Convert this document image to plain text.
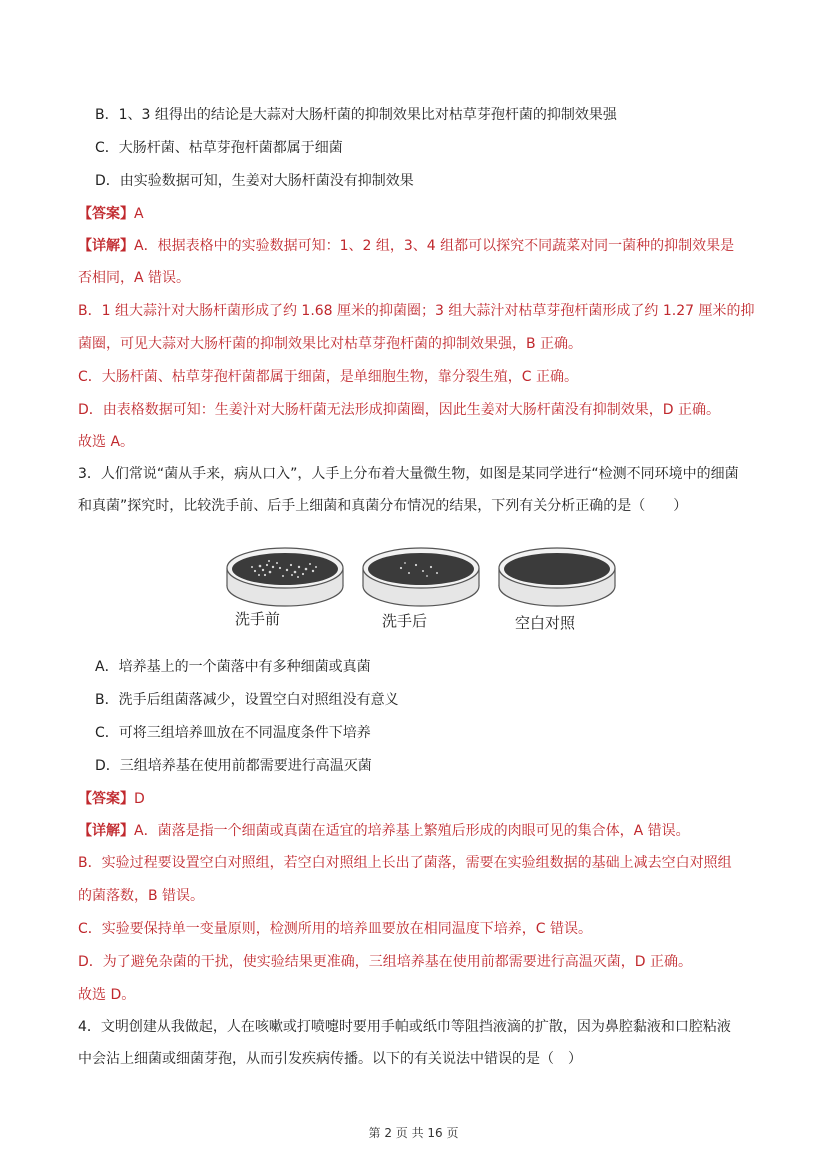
B．1、3 组得出的结论是大蒜对大肠杆菌的抑制效果比对枯草芽孢杆菌的抑制效果强
C．大肠杆菌、枯草芽孢杆菌都属于细菌
D．由实验数据可知，生姜对大肠杆菌没有抑制效果
【答案】A
【详解】A．根据表格中的实验数据可知：1、2 组，3、4 组都可以探究不同蔬菜对同一菌种的抑制效果是
否相同，A 错误。
B．1 组大蒜汁对大肠杆菌形成了约 1.68 厘米的抑菌圈；3 组大蒜汁对枯草芽孢杆菌形成了约 1.27 厘米的抑
菌圈，可见大蒜对大肠杆菌的抑制效果比对枯草芽孢杆菌的抑制效果强，B 正确。
C．大肠杆菌、枯草芽孢杆菌都属于细菌，是单细胞生物，靠分裂生殖，C 正确。
D．由表格数据可知：生姜汁对大肠杆菌无法形成抑菌圈，因此生姜对大肠杆菌没有抑制效果，D 正确。
故选 A。
3．人们常说“菌从手来，病从口入”，人手上分布着大量微生物，如图是某同学进行“检测不同环境中的细菌
和真菌”探究时，比较洗手前、后手上细菌和真菌分布情况的结果，下列有关分析正确的是（　　）
洗手前	洗手后	空白对照
A．培养基上的一个菌落中有多种细菌或真菌
B．洗手后组菌落减少，设置空白对照组没有意义
C．可将三组培养皿放在不同温度条件下培养
D．三组培养基在使用前都需要进行高温灭菌
【答案】D
【详解】A．菌落是指一个细菌或真菌在适宜的培养基上繁殖后形成的肉眼可见的集合体，A 错误。
B．实验过程要设置空白对照组，若空白对照组上长出了菌落，需要在实验组数据的基础上减去空白对照组
的菌落数，B 错误。
C．实验要保持单一变量原则，检测所用的培养皿要放在相同温度下培养，C 错误。
D．为了避免杂菌的干扰，使实验结果更准确，三组培养基在使用前都需要进行高温灭菌，D 正确。
故选 D。
4．文明创建从我做起，人在咳嗽或打喷嚏时要用手帕或纸巾等阻挡液滴的扩散，因为鼻腔黏液和口腔粘液
中会沾上细菌或细菌芽孢，从而引发疾病传播。以下的有关说法中错误的是（　）
第 2 页 共 16 页
